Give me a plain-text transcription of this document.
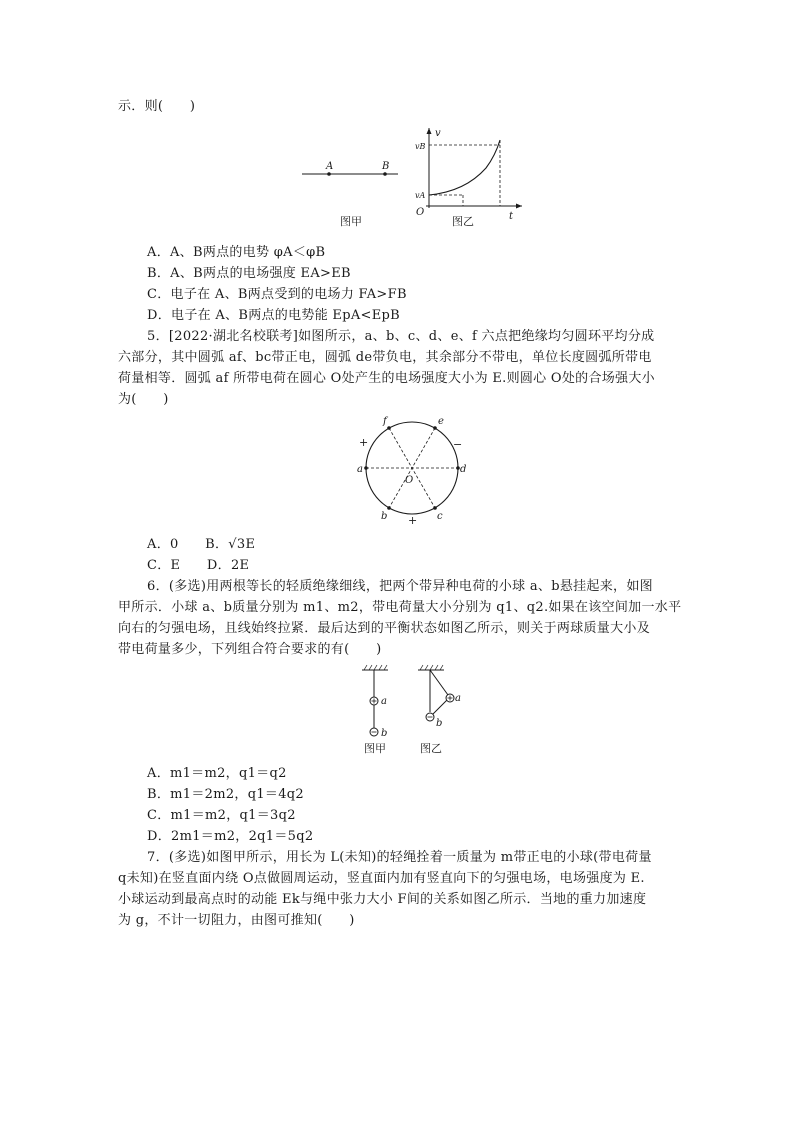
示．则(　　)
A	B
图甲
v
t
O
vB
vA
图乙
A．A、B两点的电势 φA＜φB
B．A、B两点的电场强度 EA>EB
C．电子在 A、B两点受到的电场力 FA>FB
D．电子在 A、B两点的电势能 EpA<EpB
5．[2022·湖北名校联考]如图所示，a、b、c、d、e、f 六点把绝缘均匀圆环平均分成
六部分，其中圆弧 af、bc带正电，圆弧 de带负电，其余部分不带电，单位长度圆弧所带电
荷量相等．圆弧 af 所带电荷在圆心 O处产生的电场强度大小为 E.则圆心 O处的合场强大小
为(　　)
f	e
a	d
b	c
O
+	−
+
A．0　　B．√3E
C．E　　D．2E
6．(多选)用两根等长的轻质绝缘细线，把两个带异种电荷的小球 a、b悬挂起来，如图
甲所示．小球 a、b质量分别为 m1、m2，带电荷量大小分别为 q1、q2.如果在该空间加一水平
向右的匀强电场，且线始终拉紧．最后达到的平衡状态如图乙所示，则关于两球质量大小及
带电荷量多少，下列组合符合要求的有(　　)
a
b
图甲
a
b
图乙
A．m1＝m2，q1＝q2
B．m1＝2m2，q1＝4q2
C．m1＝m2，q1＝3q2
D．2m1＝m2，2q1＝5q2
7．(多选)如图甲所示，用长为 L(未知)的轻绳拴着一质量为 m带正电的小球(带电荷量
q未知)在竖直面内绕 O点做圆周运动，竖直面内加有竖直向下的匀强电场，电场强度为 E.
小球运动到最高点时的动能 Ek与绳中张力大小 F间的关系如图乙所示．当地的重力加速度
为 g，不计一切阻力，由图可推知(　　)
